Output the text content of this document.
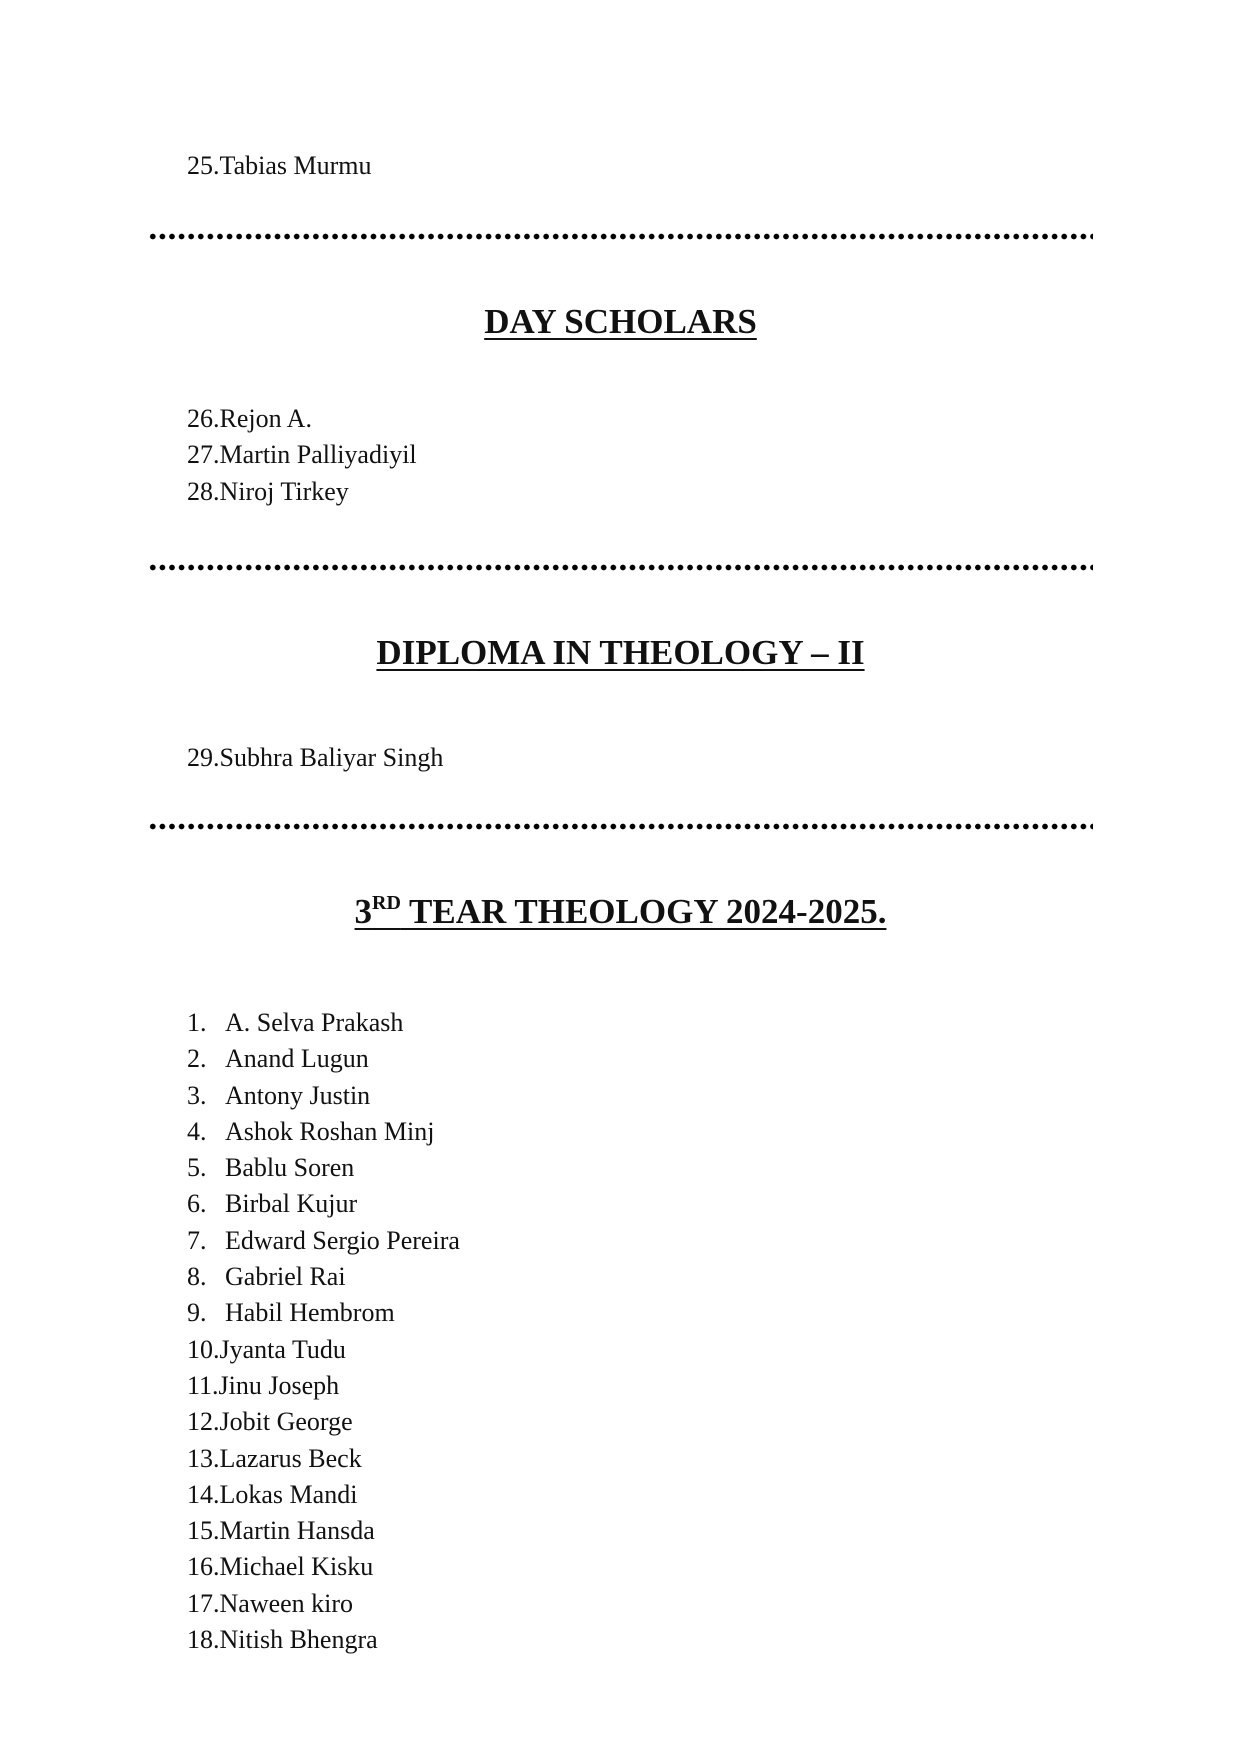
25.Tabias Murmu
DAY SCHOLARS
26.Rejon A.
27.Martin Palliyadiyil
28.Niroj Tirkey
DIPLOMA IN THEOLOGY – II
29.Subhra Baliyar Singh
3RD TEAR THEOLOGY 2024-2025.
1. A. Selva Prakash
2. Anand Lugun
3. Antony Justin
4. Ashok Roshan Minj
5. Bablu Soren
6. Birbal Kujur
7. Edward Sergio Pereira
8. Gabriel Rai
9. Habil Hembrom
10.Jyanta Tudu
11.Jinu Joseph
12.Jobit George
13.Lazarus Beck
14.Lokas Mandi
15.Martin Hansda
16.Michael Kisku
17.Naween kiro
18.Nitish Bhengra
